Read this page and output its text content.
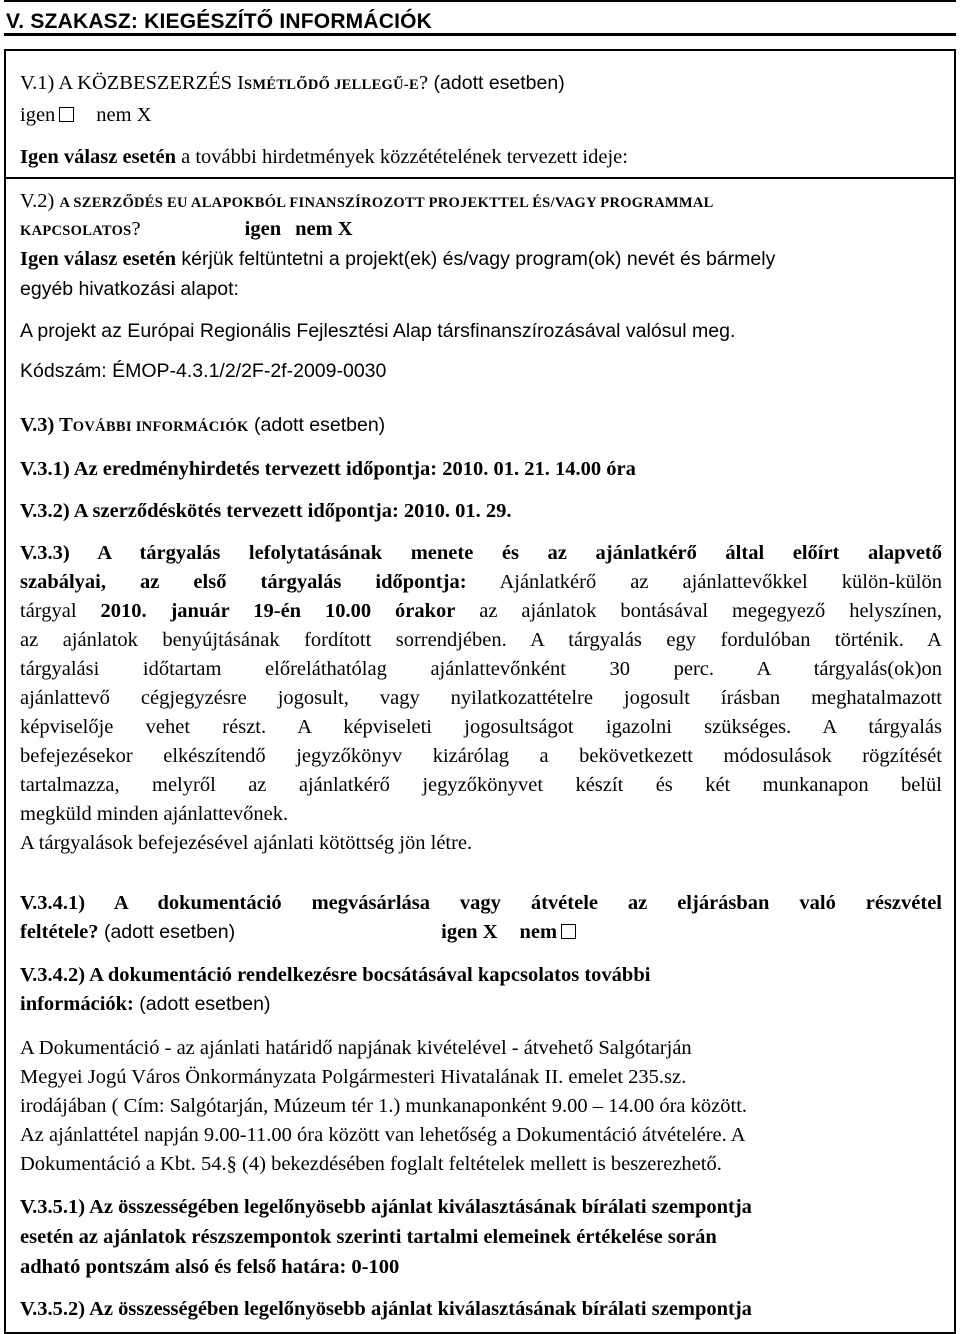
V. SZAKASZ: KIEGÉSZÍTŐ INFORMÁCIÓK
V.1) A KÖZBESZERZÉS ISMÉTLŐDŐ JELLEGŰ-E? (adott esetben)
igen nem X
Igen válasz esetén a további hirdetmények közzétételének tervezett ideje:
V.2) A SZERZŐDÉS EU ALAPOKBÓL FINANSZÍROZOTT PROJEKTTEL ÉS/VAGY PROGRAMMAL
KAPCSOLATOS?	igen nem X
Igen válasz esetén kérjük feltüntetni a projekt(ek) és/vagy program(ok) nevét és bármely
egyéb hivatkozási alapot:
A projekt az Európai Regionális Fejlesztési Alap társfinanszírozásával valósul meg.
Kódszám: ÉMOP-4.3.1/2/2F-2f-2009-0030
V.3) TOVÁBBI INFORMÁCIÓK (adott esetben)
V.3.1) Az eredményhirdetés tervezett időpontja: 2010. 01. 21. 14.00 óra
V.3.2) A szerződéskötés tervezett időpontja: 2010. 01. 29.
V.3.3) A tárgyalás lefolytatásának menete és az ajánlatkérő által előírt alapvető
szabályai, az első tárgyalás időpontja: Ajánlatkérő az ajánlattevőkkel külön-külön
tárgyal 2010. január 19-én 10.00 órakor az ajánlatok bontásával megegyező helyszínen,
az ajánlatok benyújtásának fordított sorrendjében. A tárgyalás egy fordulóban történik. A
tárgyalási időtartam előreláthatólag ajánlattevőnként 30 perc. A tárgyalás(ok)on
ajánlattevő cégjegyzésre jogosult, vagy nyilatkozattételre jogosult írásban meghatalmazott
képviselője vehet részt. A képviseleti jogosultságot igazolni szükséges. A tárgyalás
befejezésekor elkészítendő jegyzőkönyv kizárólag a bekövetkezett módosulások rögzítését
tartalmazza, melyről az ajánlatkérő jegyzőkönyvet készít és két munkanapon belül
megküld minden ajánlattevőnek.
A tárgyalások befejezésével ajánlati kötöttség jön létre.
V.3.4.1) A dokumentáció megvásárlása vagy átvétele az eljárásban való részvétel
feltétele? (adott esetben)	igen X nem
V.3.4.2) A dokumentáció rendelkezésre bocsátásával kapcsolatos további
információk: (adott esetben)
A Dokumentáció - az ajánlati határidő napjának kivételével - átvehető Salgótarján
Megyei Jogú Város Önkormányzata Polgármesteri Hivatalának II. emelet 235.sz.
irodájában ( Cím: Salgótarján, Múzeum tér 1.) munkanaponként 9.00 – 14.00 óra között.
Az ajánlattétel napján 9.00-11.00 óra között van lehetőség a Dokumentáció átvételére. A
Dokumentáció a Kbt. 54.§ (4) bekezdésében foglalt feltételek mellett is beszerezhető.
V.3.5.1) Az összességében legelőnyösebb ajánlat kiválasztásának bírálati szempontja
esetén az ajánlatok részszempontok szerinti tartalmi elemeinek értékelése során
adható pontszám alsó és felső határa: 0-100
V.3.5.2) Az összességében legelőnyösebb ajánlat kiválasztásának bírálati szempontja
